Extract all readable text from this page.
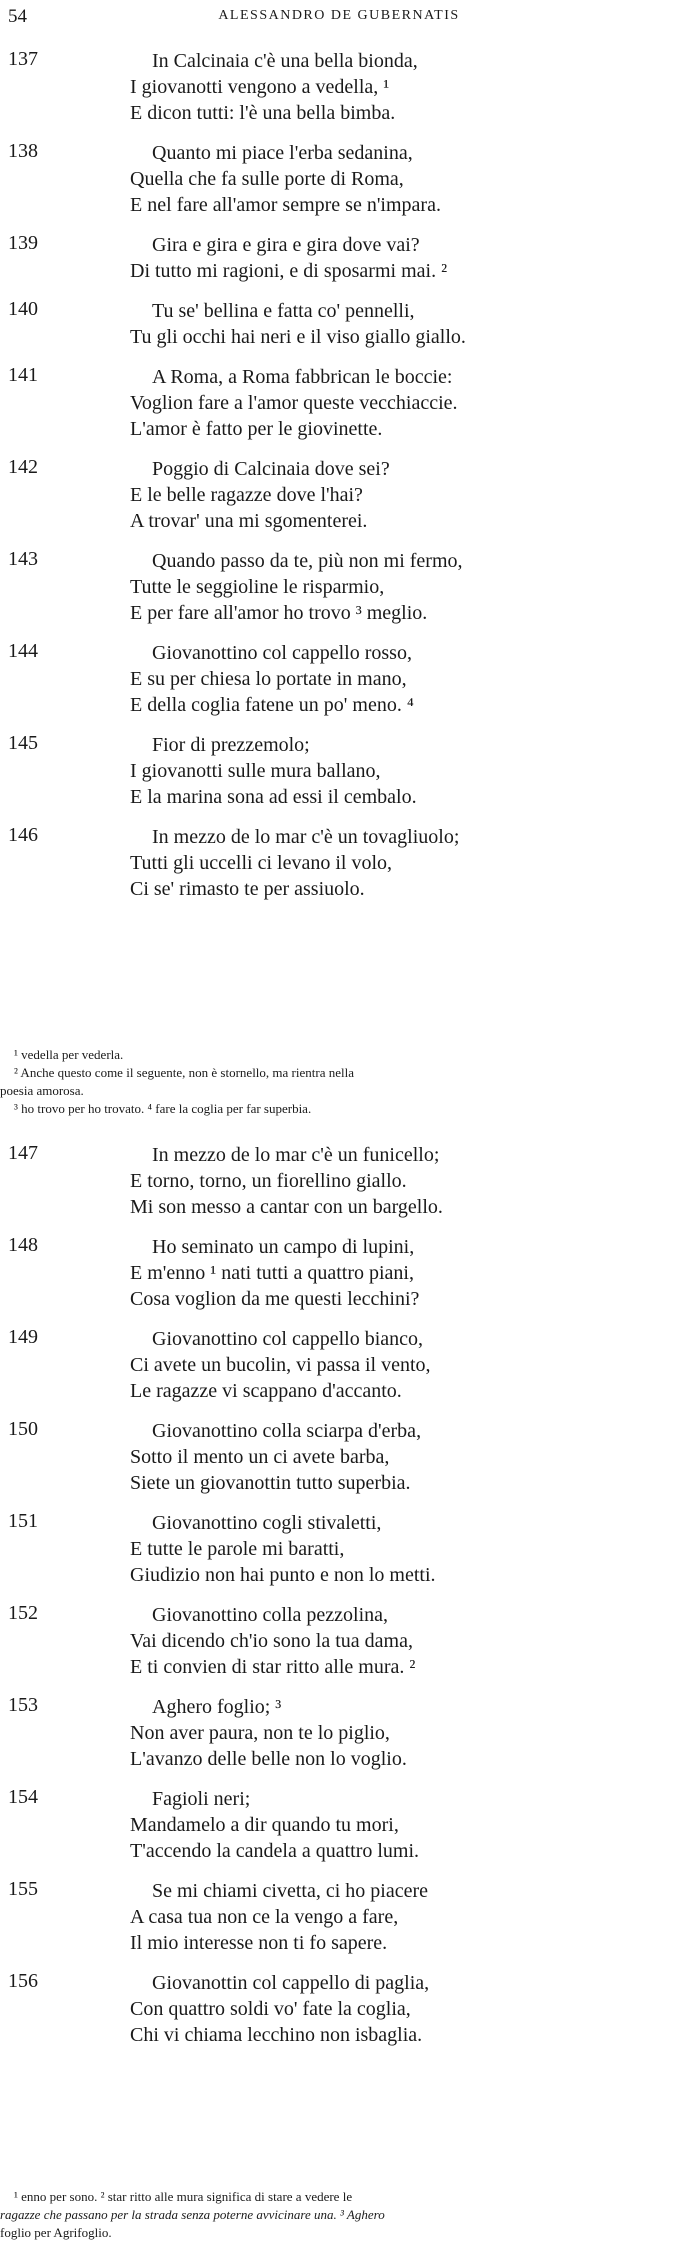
54	ALESSANDRO DE GUBERNATIS
137	In Calcinaia c'è una bella bionda,
I giovanotti vengono a vedella, ¹
E dicon tutti: l'è una bella bimba.
138	Quanto mi piace l'erba sedanina,
Quella che fa sulle porte di Roma,
E nel fare all'amor sempre se n'impara.
139	Gira e gira e gira e gira dove vai?
Di tutto mi ragioni, e di sposarmi mai. ²
140	Tu se' bellina e fatta co' pennelli,
Tu gli occhi hai neri e il viso giallo giallo.
141	A Roma, a Roma fabbrican le boccie:
Voglion fare a l'amor queste vecchiaccie.
L'amor è fatto per le giovinette.
142	Poggio di Calcinaia dove sei?
E le belle ragazze dove l'hai?
A trovar' una mi sgomenterei.
143	Quando passo da te, più non mi fermo,
Tutte le seggioline le risparmio,
E per fare all'amor ho trovo ³ meglio.
144	Giovanottino col cappello rosso,
E su per chiesa lo portate in mano,
E della coglia fatene un po' meno. ⁴
145	Fior di prezzemolo;
I giovanotti sulle mura ballano,
E la marina sona ad essi il cembalo.
146	In mezzo de lo mar c'è un tovagliuolo;
Tutti gli uccelli ci levano il volo,
Ci se' rimasto te per assiuolo.
¹ vedella per vederla.
² Anche questo come il seguente, non è stornello, ma rientra nella
poesia amorosa.
³ ho trovo per ho trovato. ⁴ fare la coglia per far superbia.
147	In mezzo de lo mar c'è un funicello;
E torno, torno, un fiorellino giallo.
Mi son messo a cantar con un bargello.
148	Ho seminato un campo di lupini,
E m'enno ¹ nati tutti a quattro piani,
Cosa voglion da me questi lecchini?
149	Giovanottino col cappello bianco,
Ci avete un bucolin, vi passa il vento,
Le ragazze vi scappano d'accanto.
150	Giovanottino colla sciarpa d'erba,
Sotto il mento un ci avete barba,
Siete un giovanottin tutto superbia.
151	Giovanottino cogli stivaletti,
E tutte le parole mi baratti,
Giudizio non hai punto e non lo metti.
152	Giovanottino colla pezzolina,
Vai dicendo ch'io sono la tua dama,
E ti convien di star ritto alle mura. ²
153	Aghero foglio; ³
Non aver paura, non te lo piglio,
L'avanzo delle belle non lo voglio.
154	Fagioli neri;
Mandamelo a dir quando tu mori,
T'accendo la candela a quattro lumi.
155	Se mi chiami civetta, ci ho piacere
A casa tua non ce la vengo a fare,
Il mio interesse non ti fo sapere.
156	Giovanottin col cappello di paglia,
Con quattro soldi vo' fate la coglia,
Chi vi chiama lecchino non isbaglia.
¹ enno per sono. ² star ritto alle mura significa di stare a vedere le
ragazze che passano per la strada senza poterne avvicinare una. ³ Aghero
foglio per Agrifoglio.
